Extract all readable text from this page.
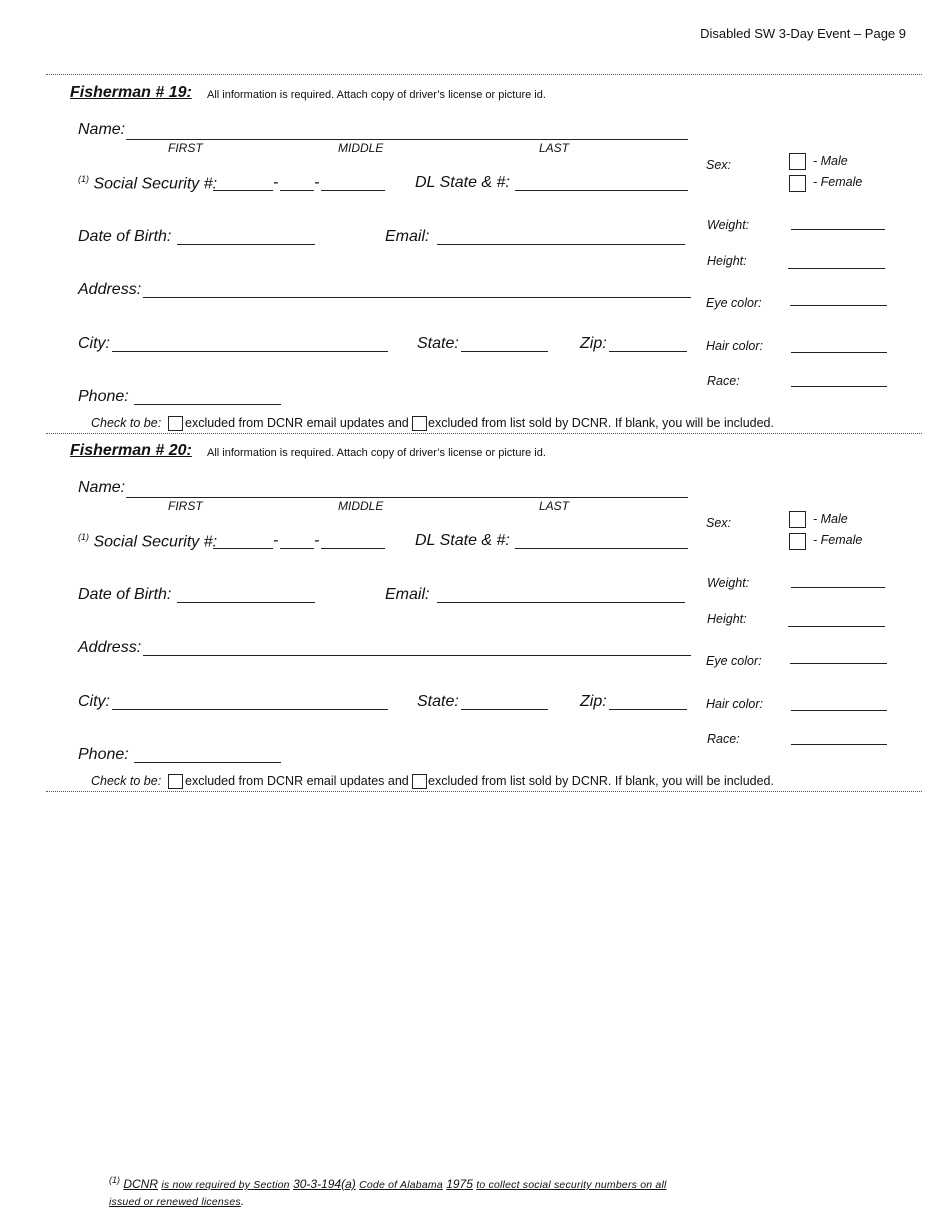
Disabled SW 3-Day Event – Page 9
Fisherman # 19: All information is required. Attach copy of driver’s license or picture id.
Name:
FIRST	MIDDLE	LAST
$^{(1)}$ Social Security #:	- -	DL State & #:
Date of Birth:	Email:
Address:
City:	State:	Zip:
Phone:
Check to be: excluded from DCNR email updates and excluded from list sold by DCNR. If blank, you will be included.
Sex:	- Male
- Female
Weight:
Height:
Eye color:
Hair color:
Race:
Fisherman # 20: All information is required. Attach copy of driver’s license or picture id.
Name:
FIRST	MIDDLE	LAST
$^{(1)}$ Social Security #:	- -	DL State & #:
Date of Birth:	Email:
Address:
City:	State:	Zip:
Phone:
Check to be: excluded from DCNR email updates and excluded from list sold by DCNR. If blank, you will be included.
Sex:	- Male
- Female
Weight:
Height:
Eye color:
Hair color:
Race:
$^{(1)}$ DCNR is now required by Section 30-3-194(a) Code of Alabama 1975 to collect social security numbers on all
issued or renewed licenses.
